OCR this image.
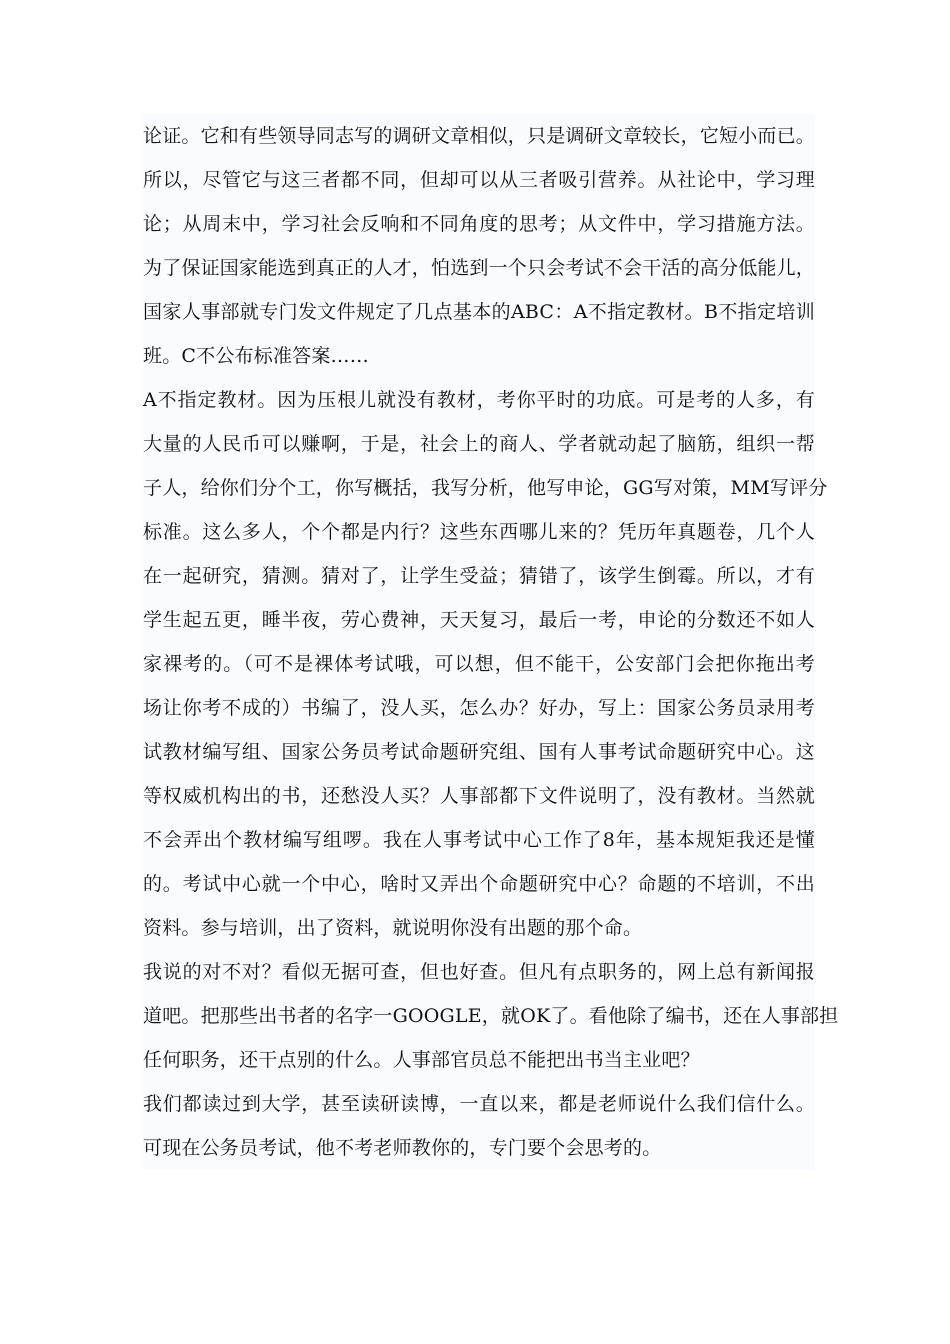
论证。它和有些领导同志写的调研文章相似，只是调研文章较长，它短小而已。
所以，尽管它与这三者都不同，但却可以从三者吸引营养。从社论中，学习理
论；从周末中，学习社会反响和不同角度的思考；从文件中，学习措施方法。
为了保证国家能选到真正的人才，怕选到一个只会考试不会干活的高分低能儿，
国家人事部就专门发文件规定了几点基本的ABC：A不指定教材。B不指定培训
班。C不公布标准答案……
A不指定教材。因为压根儿就没有教材，考你平时的功底。可是考的人多，有
大量的人民币可以赚啊，于是，社会上的商人、学者就动起了脑筋，组织一帮
子人，给你们分个工，你写概括，我写分析，他写申论，GG写对策，MM写评分
标准。这么多人，个个都是内行？这些东西哪儿来的？凭历年真题卷，几个人
在一起研究，猜测。猜对了，让学生受益；猜错了，该学生倒霉。所以，才有
学生起五更，睡半夜，劳心费神，天天复习，最后一考，申论的分数还不如人
家裸考的。（可不是裸体考试哦，可以想，但不能干，公安部门会把你拖出考
场让你考不成的）书编了，没人买，怎么办？好办，写上：国家公务员录用考
试教材编写组、国家公务员考试命题研究组、国有人事考试命题研究中心。这
等权威机构出的书，还愁没人买？人事部都下文件说明了，没有教材。当然就
不会弄出个教材编写组啰。我在人事考试中心工作了8年，基本规矩我还是懂
的。考试中心就一个中心，啥时又弄出个命题研究中心？命题的不培训，不出
资料。参与培训，出了资料，就说明你没有出题的那个命。
我说的对不对？看似无据可查，但也好查。但凡有点职务的，网上总有新闻报
道吧。把那些出书者的名字一GOOGLE，就OK了。看他除了编书，还在人事部担
任何职务，还干点别的什么。人事部官员总不能把出书当主业吧？
我们都读过到大学，甚至读研读博，一直以来，都是老师说什么我们信什么。
可现在公务员考试，他不考老师教你的，专门要个会思考的。
